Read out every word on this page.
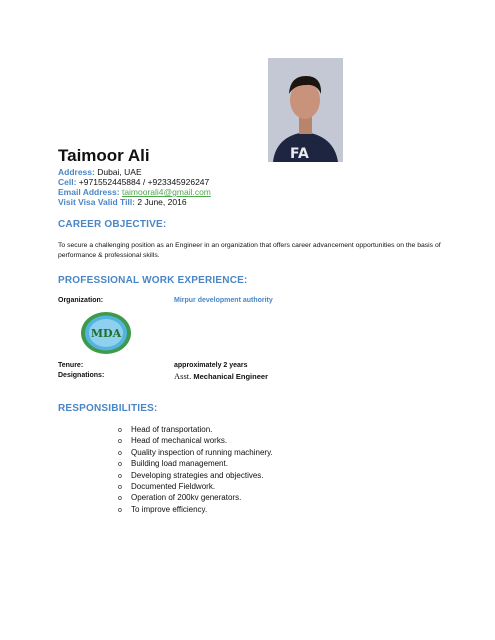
FA
Taimoor Ali
Address: Dubai, UAE
Cell: +971552445884 / +923345926247
Email Address: taimoorali4@gmail.com
Visit Visa Valid Till: 2 June, 2016
CAREER OBJECTIVE:
To secure a challenging position as an Engineer in an organization that offers career advancement opportunities on the basis of performance & professional skills.
PROFESSIONAL WORK EXPERIENCE:
Organization:	Mirpur development authority
MDA
Tenure:	approximately 2 years
Designations:	Asst. Mechanical Engineer
RESPONSIBILITIES:
o Head of transportation.
o Head of mechanical works.
o Quality inspection of running machinery.
o Building load management.
o Developing strategies and objectives.
o Documented Fieldwork.
o Operation of 200kv generators.
o To improve efficiency.
